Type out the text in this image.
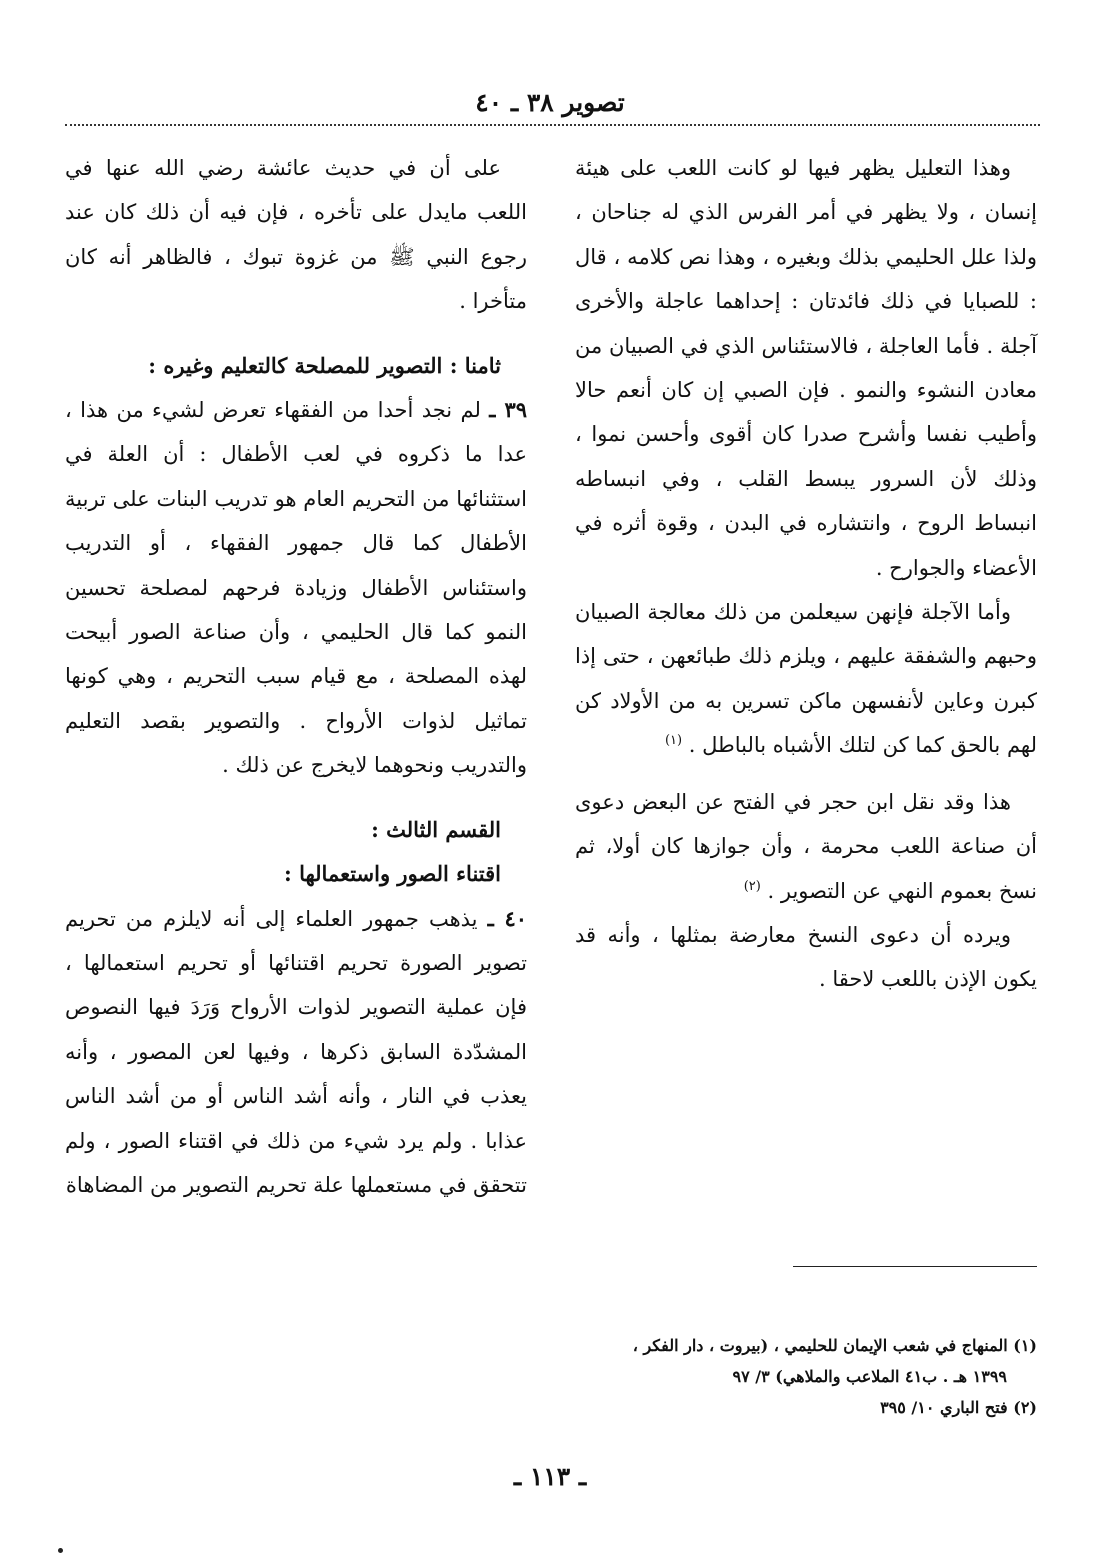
تصوير ٣٨ ـ ٤٠

وهذا التعليل يظهر فيها لو كانت اللعب على هيئة إنسان ، ولا يظهر في أمر الفرس الذي له جناحان ، ولذا علل الحليمي بذلك وبغيره ، وهذا نص كلامه ، قال : للصبايا في ذلك فائدتان : إحداهما عاجلة والأخرى آجلة . فأما العاجلة ، فالاستئناس الذي في الصبيان من معادن النشوء والنمو . فإن الصبي إن كان أنعم حالا وأطيب نفسا وأشرح صدرا كان أقوى وأحسن نموا ، وذلك لأن السرور يبسط القلب ، وفي انبساطه انبساط الروح ، وانتشاره في البدن ، وقوة أثره في الأعضاء والجوارح .

وأما الآجلة فإنهن سيعلمن من ذلك معالجة الصبيان وحبهم والشفقة عليهم ، ويلزم ذلك طبائعهن ، حتى إذا كبرن وعاين لأنفسهن ماكن تسرين به من الأولاد كن لهم بالحق كما كن لتلك الأشباه بالباطل . $^{(١)}$

هذا وقد نقل ابن حجر في الفتح عن البعض دعوى أن صناعة اللعب محرمة ، وأن جوازها كان أولا، ثم نسخ بعموم النهي عن التصوير . $^{(٢)}$

ويرده أن دعوى النسخ معارضة بمثلها ، وأنه قد يكون الإذن باللعب لاحقا .

على أن في حديث عائشة رضي الله عنها في اللعب مايدل على تأخره ، فإن فيه أن ذلك كان عند رجوع النبي ﷺ من غزوة تبوك ، فالظاهر أنه كان متأخرا .

ثامنا : التصوير للمصلحة كالتعليم وغيره :

٣٩ ـ لم نجد أحدا من الفقهاء تعرض لشيء من هذا ، عدا ما ذكروه في لعب الأطفال : أن العلة في استثنائها من التحريم العام هو تدريب البنات على تربية الأطفال كما قال جمهور الفقهاء ، أو التدريب واستئناس الأطفال وزيادة فرحهم لمصلحة تحسين النمو كما قال الحليمي ، وأن صناعة الصور أبيحت لهذه المصلحة ، مع قيام سبب التحريم ، وهي كونها تماثيل لذوات الأرواح . والتصوير بقصد التعليم والتدريب ونحوهما لايخرج عن ذلك .

القسم الثالث :

اقتناء الصور واستعمالها :

٤٠ ـ يذهب جمهور العلماء إلى أنه لايلزم من تحريم تصوير الصورة تحريم اقتنائها أو تحريم استعمالها ، فإن عملية التصوير لذوات الأرواح وَرَدَ فيها النصوص المشدّدة السابق ذكرها ، وفيها لعن المصور ، وأنه يعذب في النار ، وأنه أشد الناس أو من أشد الناس عذابا . ولم يرد شيء من ذلك في اقتناء الصور ، ولم تتحقق في مستعملها علة تحريم التصوير من المضاهاة

(١) المنهاج في شعب الإيمان للحليمي ، (بيروت ، دار الفكر ،

١٣٩٩ هـ . ب٤١ الملاعب والملاهي) ٣/ ٩٧

(٢) فتح الباري ١٠/ ٣٩٥

ـ ١١٣ ـ
